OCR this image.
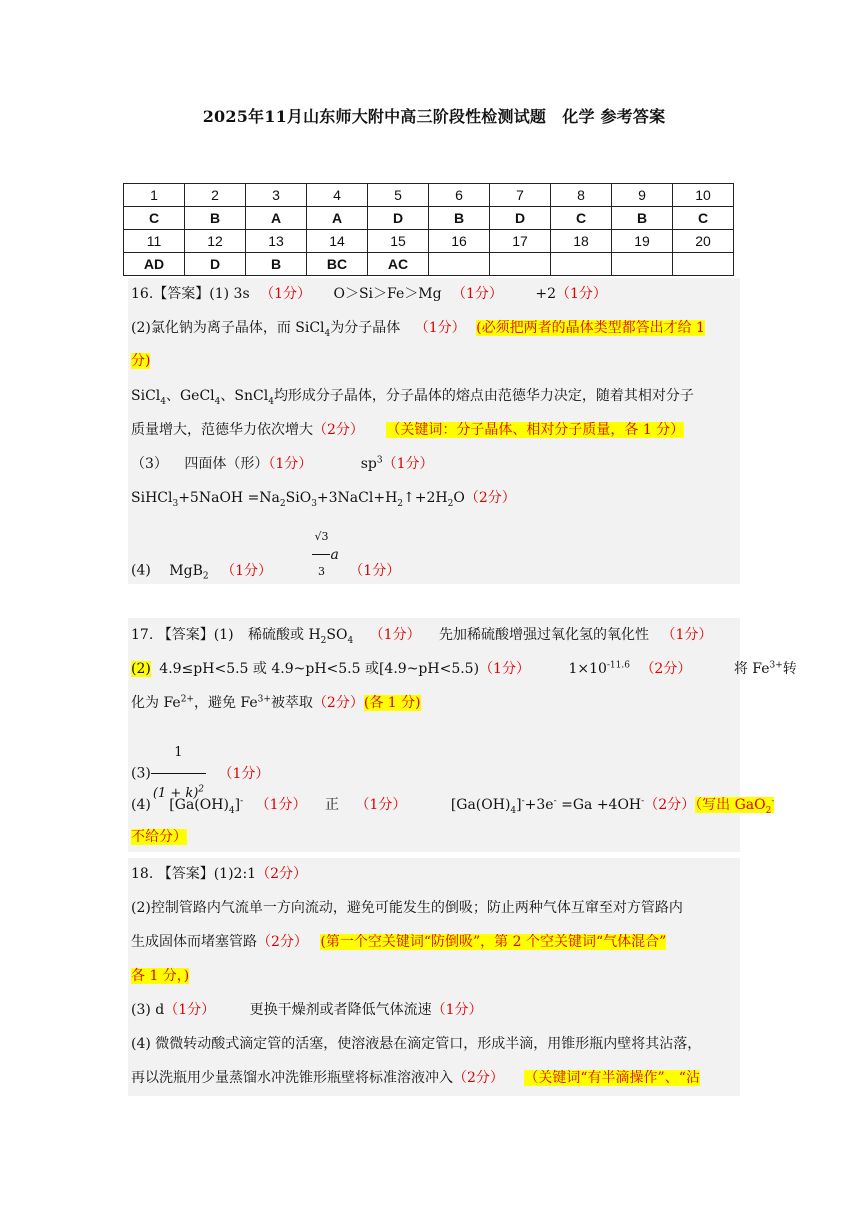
2025年11月山东师大附中高三阶段性检测试题　化学 参考答案
1	2	3	4	5	6	7	8	9	10
C	B	A	A	D	B	D	C	B	C
11	12	13	14	15	16	17	18	19	20
AD	D	B	BC	AC					
16.【答案】(1) 3s （1分） O＞Si＞Fe＞Mg （1分） +2（1分）
(2)氯化钠为离子晶体，而 SiCl$_4$为分子晶体 （1分） (必须把两者的晶体类型都答出才给 1
分)
SiCl$_4$、GeCl$_4$、SnCl$_4$均形成分子晶体，分子晶体的熔点由范德华力决定，随着其相对分子
质量增大，范德华力依次增大（2分） （关键词：分子晶体、相对分子质量，各 1 分）
（3） 四面体（形）（1分）	$sp^3(1$分）
SiHCl$_3$+5NaOH $=Na_2SiO_3+3NaCl+H_2↑+2H_2O(2$分）
(4) MgB$_2$ （1分）	$\frac{√3}{3}$ a （1分）
17. 【答案】(1) 稀硫酸或 $H_2SO_4$ （1分） 先加稀硫酸增强过氧化氢的氧化性 （1分）
(2) 4.9≤pH<5.5 或 4.9~pH<5.5 或[4.9~pH<5.5)（1分）	$1\times 10^{-11.6}$ （2分）	将 $Fe^{3+}$转
化为 $Fe^{2+}$，避免 $Fe^{3+}$被萃取（2分）(各 1 分)
$(3) \frac{1}{(1 + k)^2} (1$分）
(4) $[Ga(OH)_4]^-$ （1分） 正 （1分）	$[Ga(OH)_4]^-+3e^- =Ga +4OH^-(2$分）（写出 GaO$_2$-
不给分）
18. 【答案】(1)2:1（2分）
(2)控制管路内气流单一方向流动，避免可能发生的倒吸；防止两种气体互窜至对方管路内
生成固体而堵塞管路（2分） (第一个空关键词“防倒吸”，第 2 个空关键词“气体混合”
各 1 分，)
(3) d（1分） 更换干燥剂或者降低气体流速（1分）
(4) 微微转动酸式滴定管的活塞，使溶液悬在滴定管口，形成半滴，用锥形瓶内壁将其沾落，
再以洗瓶用少量蒸馏水冲洗锥形瓶壁将标准溶液冲入（2分） （关键词“有半滴操作”、“沾
